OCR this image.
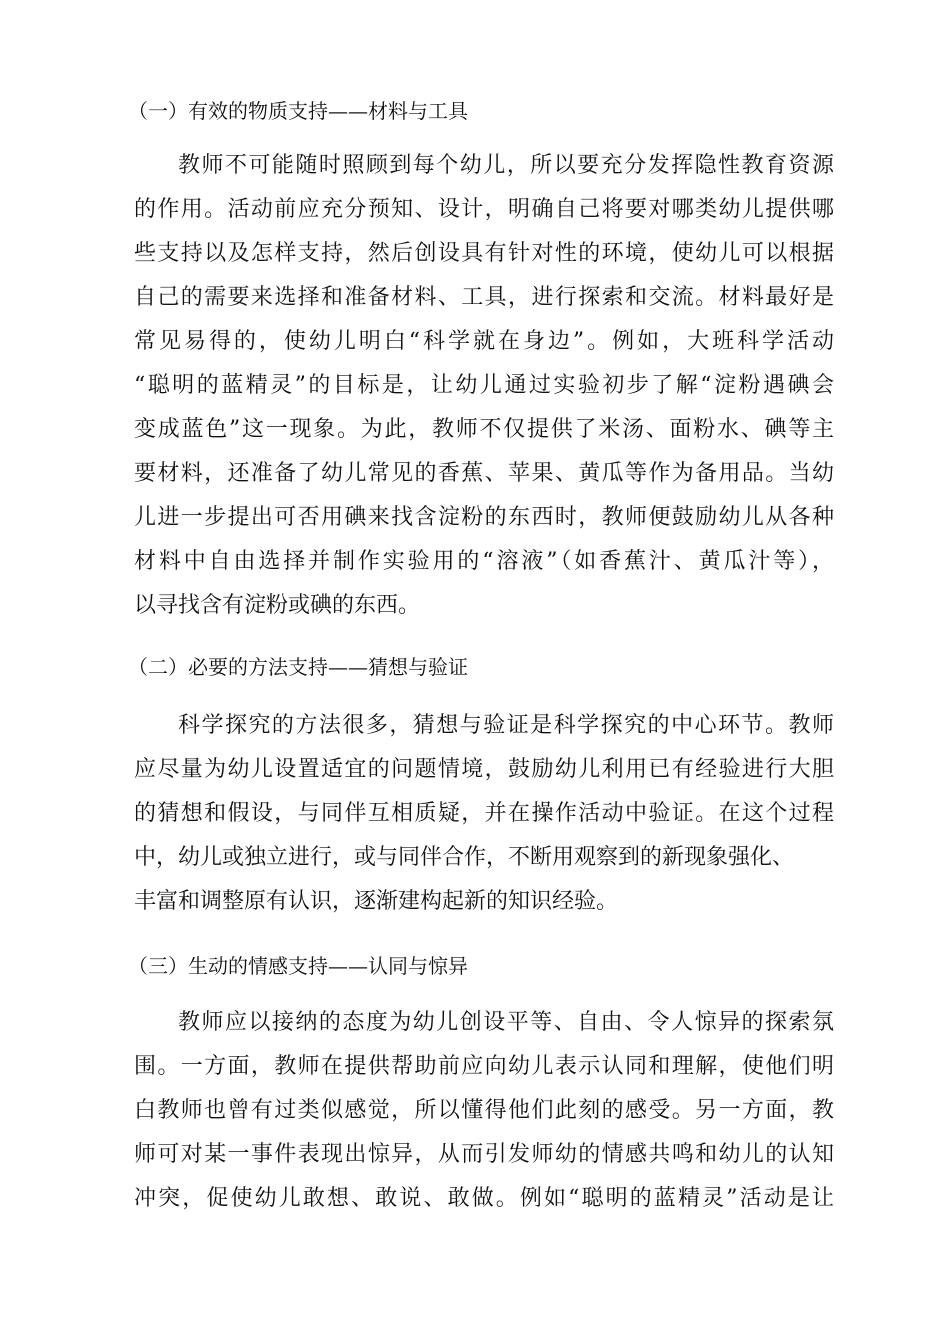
（一）有效的物质支持——材料与工具
教师不可能随时照顾到每个幼儿，所以要充分发挥隐性教育资源
的作用。活动前应充分预知、设计，明确自己将要对哪类幼儿提供哪
些支持以及怎样支持，然后创设具有针对性的环境，使幼儿可以根据
自己的需要来选择和准备材料、工具，进行探索和交流。材料最好是
常见易得的，使幼儿明白“科学就在身边”。例如，大班科学活动
“聪明的蓝精灵”的目标是，让幼儿通过实验初步了解“淀粉遇碘会
变成蓝色”这一现象。为此，教师不仅提供了米汤、面粉水、碘等主
要材料，还准备了幼儿常见的香蕉、苹果、黄瓜等作为备用品。当幼
儿进一步提出可否用碘来找含淀粉的东西时，教师便鼓励幼儿从各种
材料中自由选择并制作实验用的“溶液”（如香蕉汁、黄瓜汁等），
以寻找含有淀粉或碘的东西。
（二）必要的方法支持——猜想与验证
科学探究的方法很多，猜想与验证是科学探究的中心环节。教师
应尽量为幼儿设置适宜的问题情境，鼓励幼儿利用已有经验进行大胆
的猜想和假设，与同伴互相质疑，并在操作活动中验证。在这个过程
中，幼儿或独立进行，或与同伴合作，不断用观察到的新现象强化、
丰富和调整原有认识，逐渐建构起新的知识经验。
（三）生动的情感支持——认同与惊异
教师应以接纳的态度为幼儿创设平等、自由、令人惊异的探索氛
围。一方面，教师在提供帮助前应向幼儿表示认同和理解，使他们明
白教师也曾有过类似感觉，所以懂得他们此刻的感受。另一方面，教
师可对某一事件表现出惊异，从而引发师幼的情感共鸣和幼儿的认知
冲突，促使幼儿敢想、敢说、敢做。例如“聪明的蓝精灵”活动是让
